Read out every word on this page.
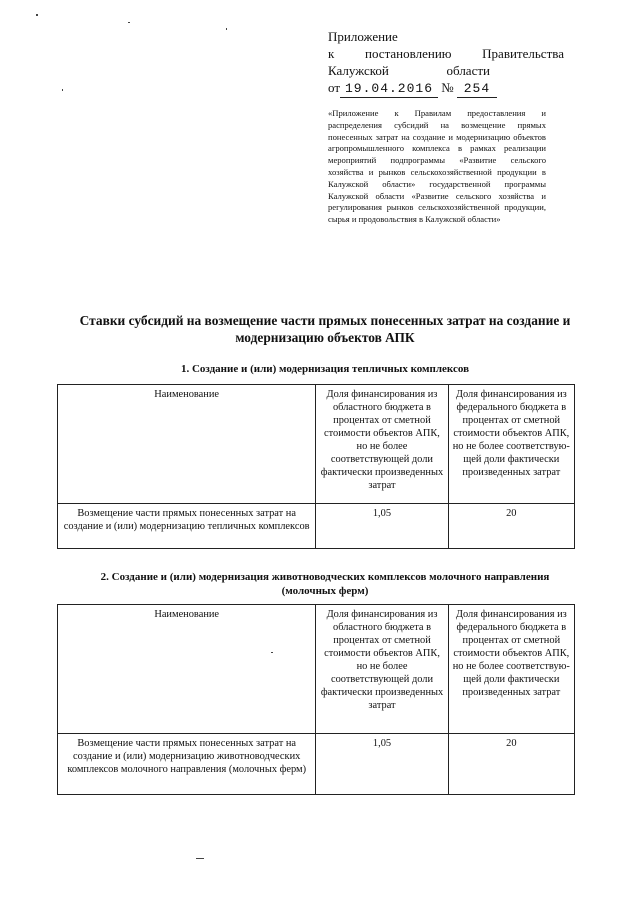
Приложение
к постановлению Правительства
Калужской	области
от 19.04.2016 № 254
«Приложение к Правилам предоставления и распределения субсидий на возмещение прямых понесенных затрат на создание и модернизацию объектов агропромышленного комплекса в рамках реализации мероприятий подпрограммы «Развитие сельского хозяйства и рынков сельскохозяйственной продукции в Калужской области» государственной программы Калужской области «Развитие сельского хозяйства и регулирования рынков сельскохозяйственной продукции, сырья и продовольствия в Калужской области»
Ставки субсидий на возмещение части прямых понесенных затрат на создание и модернизацию объектов АПК
1. Создание и (или) модернизация тепличных комплексов
Наименование	Доля финансирования из областного бюджета в процентах от сметной стоимости объектов АПК, но не более соответствующей доли фактически произведенных затрат	Доля финансирования из федерального бюджета в процентах от сметной стоимости объектов АПК, но не более соответствую-щей доли фактически произведенных затрат
Возмещение части прямых понесенных затрат на создание и (или) модернизацию тепличных комплексов	1,05	20
2. Создание и (или) модернизация животноводческих комплексов молочного направления (молочных ферм)
Наименование	Доля финансирования из областного бюджета в процентах от сметной стоимости объектов АПК, но не более соответствующей доли фактически произведенных затрат	Доля финансирования из федерального бюджета в процентах от сметной стоимости объектов АПК, но не более соответствую-щей доли фактически произведенных затрат
Возмещение части прямых понесенных затрат на создание и (или) модернизацию животноводческих комплексов молочного направления (молочных ферм)	1,05	20
